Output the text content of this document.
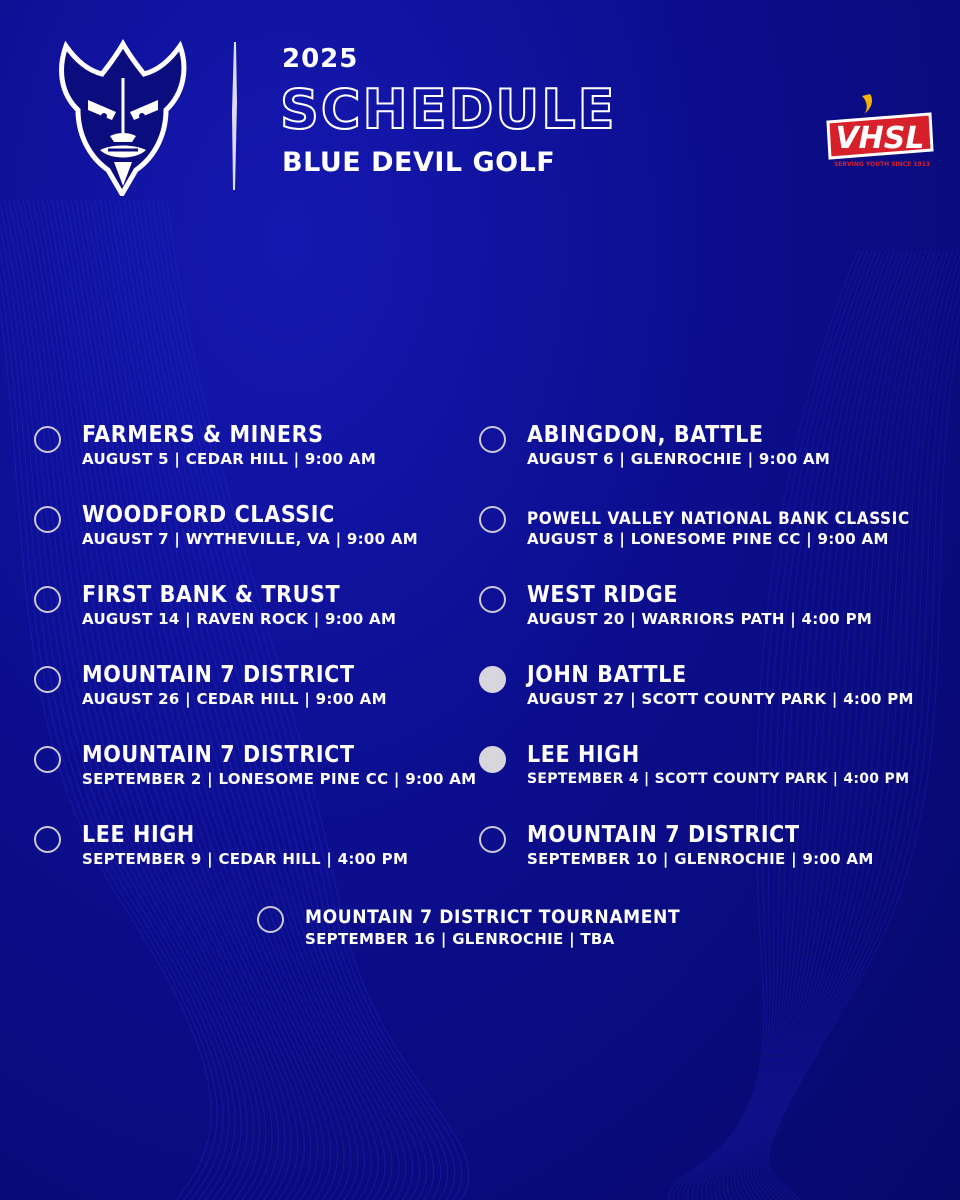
2025
SCHEDULE
BLUE DEVIL GOLF
VHSL
SERVING YOUTH SINCE 1913
FARMERS & MINERS
AUGUST 5 | CEDAR HILL | 9:00 AM
ABINGDON, BATTLE
AUGUST 6 | GLENROCHIE | 9:00 AM
WOODFORD CLASSIC
AUGUST 7 | WYTHEVILLE, VA | 9:00 AM
POWELL VALLEY NATIONAL BANK CLASSIC
AUGUST 8 | LONESOME PINE CC | 9:00 AM
FIRST BANK & TRUST
AUGUST 14 | RAVEN ROCK | 9:00 AM
WEST RIDGE
AUGUST 20 | WARRIORS PATH | 4:00 PM
MOUNTAIN 7 DISTRICT
AUGUST 26 | CEDAR HILL | 9:00 AM
JOHN BATTLE
AUGUST 27 | SCOTT COUNTY PARK | 4:00 PM
MOUNTAIN 7 DISTRICT
SEPTEMBER 2 | LONESOME PINE CC | 9:00 AM
LEE HIGH
SEPTEMBER 4 | SCOTT COUNTY PARK | 4:00 PM
LEE HIGH
SEPTEMBER 9 | CEDAR HILL | 4:00 PM
MOUNTAIN 7 DISTRICT
SEPTEMBER 10 | GLENROCHIE | 9:00 AM
MOUNTAIN 7 DISTRICT TOURNAMENT
SEPTEMBER 16 | GLENROCHIE | TBA
